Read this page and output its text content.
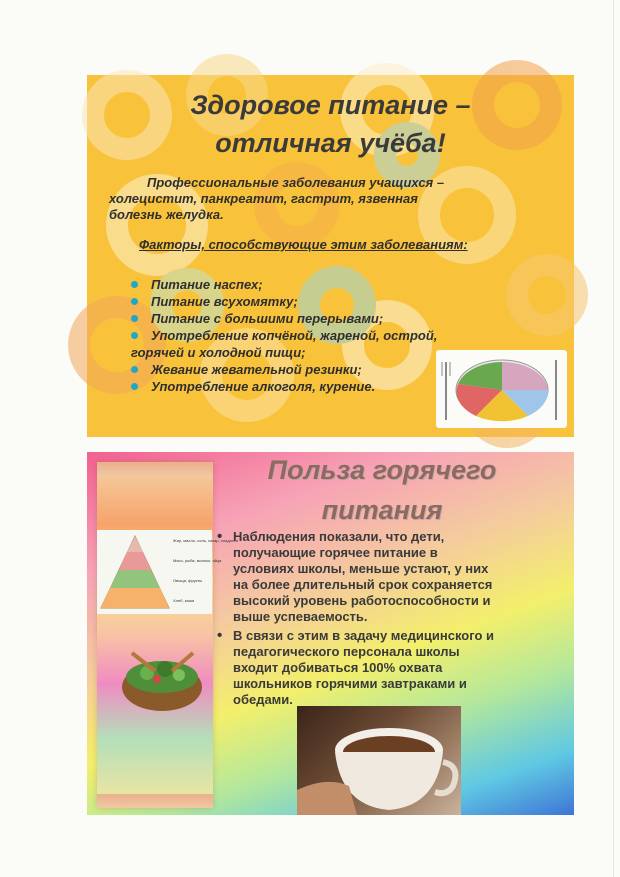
Здоровое питание –
отличная учёба!
Профессиональные заболевания учащихся –
холецистит, панкреатит, гастрит, язвенная
болезнь желудка.
Факторы, способствующие этим заболеваниям:
Питание наспех;
Питание всухомятку;
Питание с большими перерывами;
Употребление копчёной, жареной, острой,
горячей и холодной пищи;
Жевание жевательной резинки;
Употребление алкоголя, курение.
Жир, масло, соль, сахар, сладости
Мясо, рыба, молоко, яйца
Овощи, фрукты
Хлеб, каши
Польза горячего
питания
• Наблюдения показали, что дети,
получающие горячее питание в
условиях школы, меньше устают, у них
на более длительный срок сохраняется
высокий уровень работоспособности и
выше успеваемость.
• В связи с этим в задачу медицинского и
педагогического персонала школы
входит добиваться 100% охвата
школьников горячими завтраками и
обедами.
